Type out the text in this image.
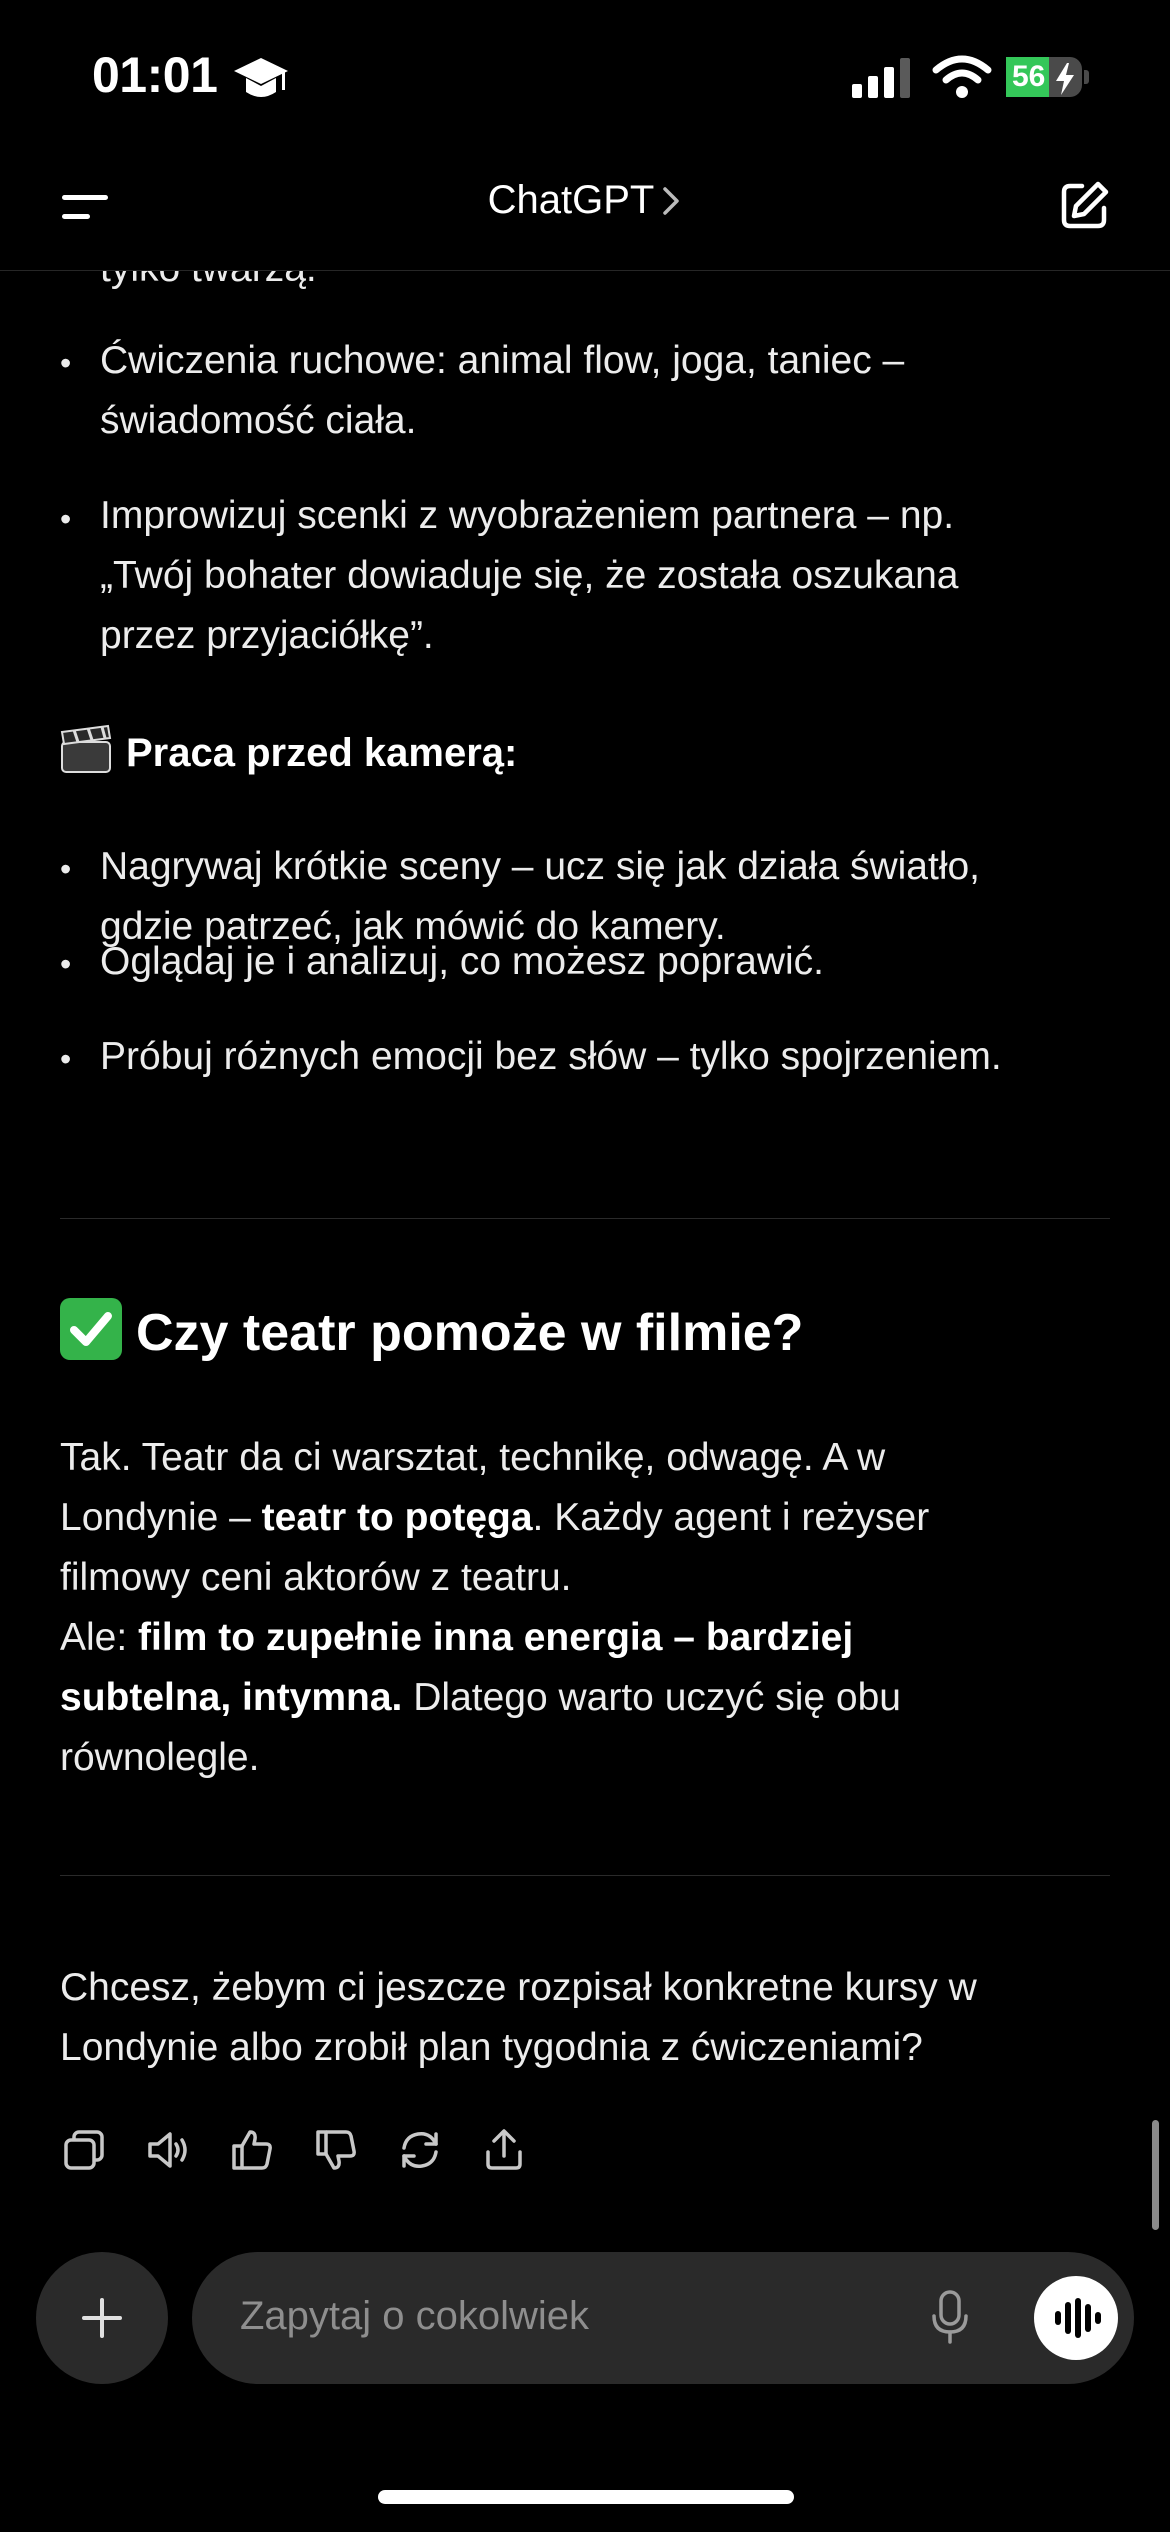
01:01	56
ChatGPT
• Ćwiczenia ruchowe: animal flow, joga, taniec –
świadomość ciała.
• Improwizuj scenki z wyobrażeniem partnera – np.
„Twój bohater dowiaduje się, że została oszukana
przez przyjaciółkę”.
Praca przed kamerą:
• Nagrywaj krótkie sceny – ucz się jak działa światło,
gdzie patrzeć, jak mówić do kamery.
• Oglądaj je i analizuj, co możesz poprawić.
• Próbuj różnych emocji bez słów – tylko spojrzeniem.
Czy teatr pomoże w filmie?
Tak. Teatr da ci warsztat, technikę, odwagę. A w
Londynie – teatr to potęga. Każdy agent i reżyser
filmowy ceni aktorów z teatru.
Ale: film to zupełnie inna energia – bardziej
subtelna, intymna. Dlatego warto uczyć się obu
równolegle.
Chcesz, żebym ci jeszcze rozpisał konkretne kursy w
Londynie albo zrobił plan tygodnia z ćwiczeniami?
Zapytaj o cokolwiek
